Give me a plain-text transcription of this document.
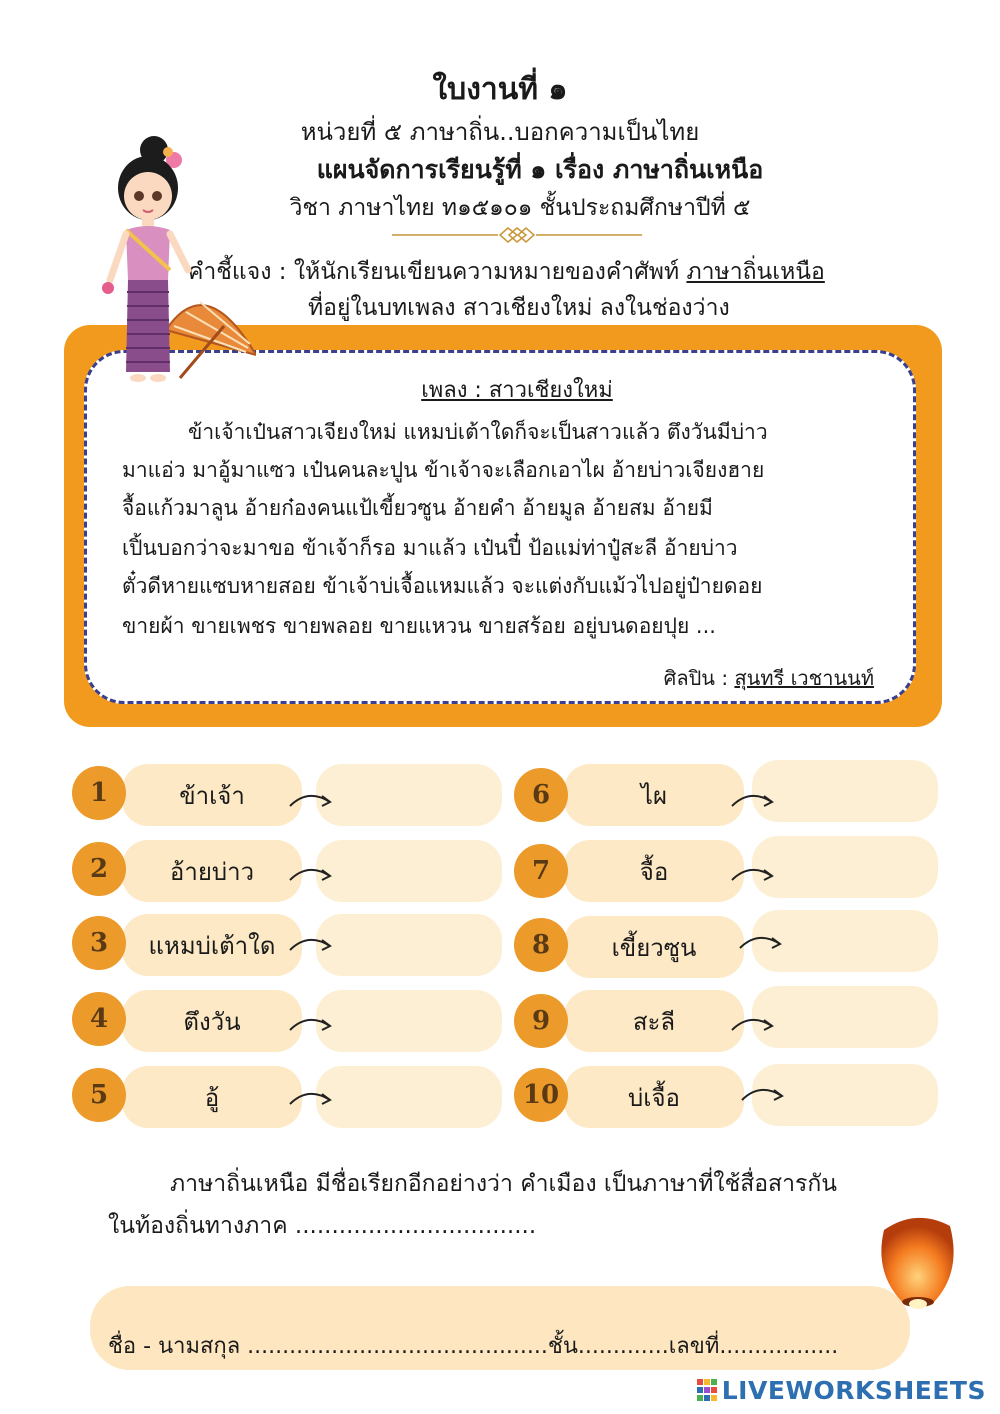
ใบงานที่ ๑
หน่วยที่ ๕ ภาษาถิ่น..บอกความเป็นไทย
แผนจัดการเรียนรู้ที่ ๑ เรื่อง ภาษาถิ่นเหนือ
วิชา ภาษาไทย ท๑๕๑๐๑ ชั้นประถมศึกษาปีที่ ๕
คำชี้แจง : ให้นักเรียนเขียนความหมายของคำศัพท์ ภาษาถิ่นเหนือ
ที่อยู่ในบทเพลง สาวเชียงใหม่ ลงในช่องว่าง
เพลง : สาวเชียงใหม่
ข้าเจ้าเป๋นสาวเจียงใหม่ แหมบ่เต้าใดก็จะเป็นสาวแล้ว ตึงวันมีบ่าว
มาแอ่ว มาอู้มาแซว เป๋นคนละปูน ข้าเจ้าจะเลือกเอาไผ อ้ายบ่าวเจียงฮาย
จื้อแก้วมาลูน อ้ายก๋องคนแป้เขี้ยวซูน อ้ายคำ อ้ายมูล อ้ายสม อ้ายมี
เปิ้นบอกว่าจะมาขอ ข้าเจ้าก็รอ มาแล้ว เป๋นปี๋ ป้อแม่ท่าปู๋สะลี อ้ายบ่าว
ตั๋วดีหายแซบหายสอย ข้าเจ้าบ่เจื้อแหมแล้ว จะแต่งกับแม้วไปอยู่ป๋ายดอย
ขายผ้า ขายเพชร ขายพลอย ขายแหวน ขายสร้อย อยู่บนดอยปุย ...
ศิลปิน : สุนทรี เวชานนท์
ข้าเจ้า
1
อ้ายบ่าว
2
แหมบ่เต้าใด
3
ตึงวัน
4
อู้
5
ไผ
6
จื้อ
7
เขี้ยวซูน
8
สะลี
9
บ่เจื้อ
10
ภาษาถิ่นเหนือ มีชื่อเรียกอีกอย่างว่า คำเมือง เป็นภาษาที่ใช้สื่อสารกัน
ในท้องถิ่นทางภาค .................................
ชื่อ - นามสกุล ...........................................ชั้น.............เลขที่.................
LIVEWORKSHEETS
